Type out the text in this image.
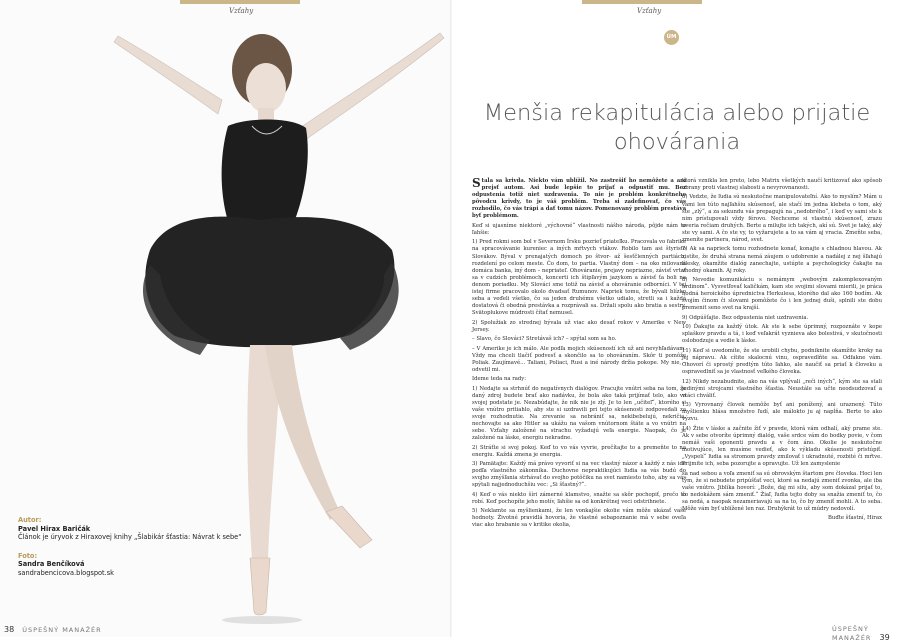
Vzťahy
Autor:
Pavel Hirax Baričák
Článok je úryvok z Hiraxovej knihy „Šlabikár šťastia: Návrat k sebe“
Foto:
Sandra Benčíková
sandrabencicova.blogspot.sk
38 ÚSPEŠNÝ MANAŽÉR
Vzťahy
ÚM
Menšia rekapitulácia alebo prijatie ohovárania

Stala sa krivda. Niekto vám ublížil. No zastrešiť ho nemôžete a ani prejsť autom. Asi bude lepšie to prijať a odpustiť mu. Bez odpustenia totiž niet uzdravenia. To nie je problém konkrétneho pôvodcu krivdy, to je váš problém. Treba si zadefinovať, čo vás rozhodilo, čo vás trápi a dať tomu názov. Pomenovaný problém prestáva byť problémom.

Keď si ujasníme niektoré „výchovné“ vlastnosti nášho národa, pôjde nám to ľahšie:

1) Pred rokmi som bol v Severnom Írsku pozrieť priateľku. Pracovala vo fabrike na spracovávanie kureniec a iných mŕtvych vtákov. Robilo tam asi štyristo Slovákov. Býval v prenajatých domoch po štvor- až šesťčlenných partiách, rozdelení po celom meste. Čo dom, to partia. Vlastný dom – na oko milovaná domáca banka, iný dom – nepriateľ. Ohováranie, prejavy nepriazne, závisť vrtať sa v cudzích problémoch, koncerti ich štipľavým jazykom a závisť ťa boli na denom poriadku. My Slováci sme totiž na závisť a ohováranie odborníci. V tej istej firme pracovalo okolo dvadsať Rumunov. Napriek tomu, že bývali blízko seba a veďeli všetko, čo sa jeden druhému všetko udialo, stretli sa i každá dostatová či obedná prestávka a rozprávali sa. Držali spolu ako bratia a sestry. Svätoplukove múdrosti čítať nemusel.

2) Spolužiak zo strednej bývala už viac ako desať rokov v Amerike v New Jersey.

– Slavo, čo Slováci? Stretávaš ich? – spýtal som sa ho.

– V Amerike je ich málo. Ale podľa mojich skúseností ich už ani nevyhľadávam. Vždy ma chceli tlačiť podvesť a skončilo sa to ohováraním. Skôr ti pomôže Poliak. Zaujímavé... Taliani, Poliaci, Rusi a iné národy držia pokope. My nie, – odvetil mi.

Ideme teda na rady:

1) Nedajte sa strhnúť do negatívnych dialógov. Pracujte vnútri seba na tom, že daný zdroj budete brať ako nadávku, že bola ako taká prijímať telo, ako vo svojej podstate je. Nezabúdajte, že nik nie je zlý. Je to len „učiteľ“, ktorého si vaše vnútro pritiahlo, aby ste si uzdravili pri tejto skúsenosti zodpovedali za svoje rozhodnutie. Na zrevanie sa nebrániť sa, nekibebelujú, nekričia, nechovajte sa ako Hitler sa ukážu na vašom vnútornom štáte a vo vnútri na sebe. Vzťahy založené na strachu vyžadujú veľa energie. Naopak, čo je založené na láske, energiu nekradne.

2) Stráťte si svoj pokoj. Keď to vo vás vyvrie, prečítajte to a premeňte to na energiu. Každá zmena je energia.

3) Pamätajte: Každý má právo vyvoriť si na vec vlastný názor a každý z nás ide podľa vlastného zákonníka. Duchovne nepraktikujúci ľudia sa vás budú do svojho zmýšľania strhávať do svojho potôčiku na svet namiesto toho, aby sa vás spýtali najjednoduchšiu vec: „Si šťastný?“.

4) Keď o vás niekto šíri zámerné klamstvo, snažte sa skôr pochopiť, prečo to robí. Keď pochopíte jeho motív, ľahšie sa od konkrétnej veci odstrihnete.

5) Neklamte sa myšlienkami, že len vonkajšie okolie vám môže ukázať vaše hodnoty. Životné pravidlá hovoria, že vlastné sebapoznanie má v sebe oveľa viac ako hrabanie sa v kritike okolia,

ktorá vznikla len preto, lebo Matrix všetkých naučí kritizovať ako spôsob obrany proti vlastnej slabosti a nevyrovnanosti.

6) Vedzte, že ľudia sú neskutočne manipulovateľní. Ako to myslím? Mám u vami len túto najľahšiu skúsenosť, ale stačí im jedna klebeta o tom, aký ste „zlý“, a za sekundu vás prepagujú na „nedobrého“, i keď vy sami ste k nim prístupovali vždy férovo. Nechceme si vlastnú skúsenosť, zrazu uveria rečiam druhých. Berte a milujte ich takých, akí sú. Svet je taký, aký ste vy sami. A čo ste vy, to vyžarujete a to sa vám aj vracia. Zmeňte seba, zmeníte partnera, národ, svet.

7) Ak sa naprieck tomu rozhodnete konať, konajte s chladnou hlavou. Ak zistíte, že druhá strana nemá záujem o udobrenie a nadálej z nej šľahajú blesky, okamžite dialóg zanechajte, ustúpte a psychologicky čakajte na vhodný okamih. Aj roky.

8) Nevedie komunikáciu s nemámym „webovým zakomplexovaným hrdinom“. Vysvetľovať kaličkám, kam ste svojimi slovami mierili, je práca hodná heroického úprednictva Herkulesa, ktorého dal ako 160 bodím. Ak svojím činom či slovami pomôžete čo i len jednej duši, splnili ste dobu premenit seno svet na krajší.

9) Odpúšťajte. Bez odpustenia niet uzdravenia.

10) Ďakujte za každý útok. Ak ste k sebe úprimný, rozpoznáte v kope splaškov pravdu a tá, i keď veľakrát vyznieva ako bolestivá, v skutočnosti oslobodzuje a vedie k láske.

11) Keď si uvedomíte, že ste urobili chybu, podniknite okamžite kroky na jej nápravu. Ak cítite skalocnú vinu, ospravedlňte sa. Odfakne vám. Ohovorí či sprostý predtým túto ľahko, ale naučiť sa priať k človeku a ospravedlniť sa je vlastnosť veľkého človeka.

12) Nikdy nezabudnite, ako na vás vplývali „reči iných“, kým ste sa stali jedinými strojcami vlastného šťastia. Neustále sa učte neodsudzovať a vtáci chváliť.

13) Vyrovnaný človek nemôže byť ani ponížený, ani uraznený. Túto myšlienku hlása množstvo ľudí, ale málokto ju aj napĺňa. Berte to ako výzvu.

14) Žite v láske a začnite žiť v pravde, ktorá vám odhalí, aký prame ste. Ak v sebe otvoríte úprimný dialóg, vaše srdce vám do bodky povie, v čom nemáš vaši oponenti pravdu a v čom áno. Okolie je neskutočne motivujúce, len musíme vedieť, ako k výkladu skúsenosti pristúpiť. „Vyspelí“ ľudia sa stromom pravdy zmilovať i ukradnuté, rozbité či mŕtve. Prijmite ich, seba pozorujte a opravujte. Už len zamyslenie

sa nad sebou a voľa zmeniť sa sú obrovským štartom pre človeka. Hoci len tým, že si nebudete pripúšťať veci, ktoré sa nedajú zmeniť zvonka, ale iba vaše vnútro. Jiblíka hovorí: „Bože, daj mi silu, aby som dokázal prijať to, čo nedokážem sám zmeniť.“ Žiaľ, ľudia tejto doby sa snažia zmeniť to, čo sa nedá, a naopak nezameriavajú sa na to, čo by zmeniť mohli. A to seba. Môže vám byť ublížené len raz. Druhýkrát to už múdry nedovolí.

Buďte šťastní, Hirax

ÚSPEŠNÝ MANAŽÉR 39
